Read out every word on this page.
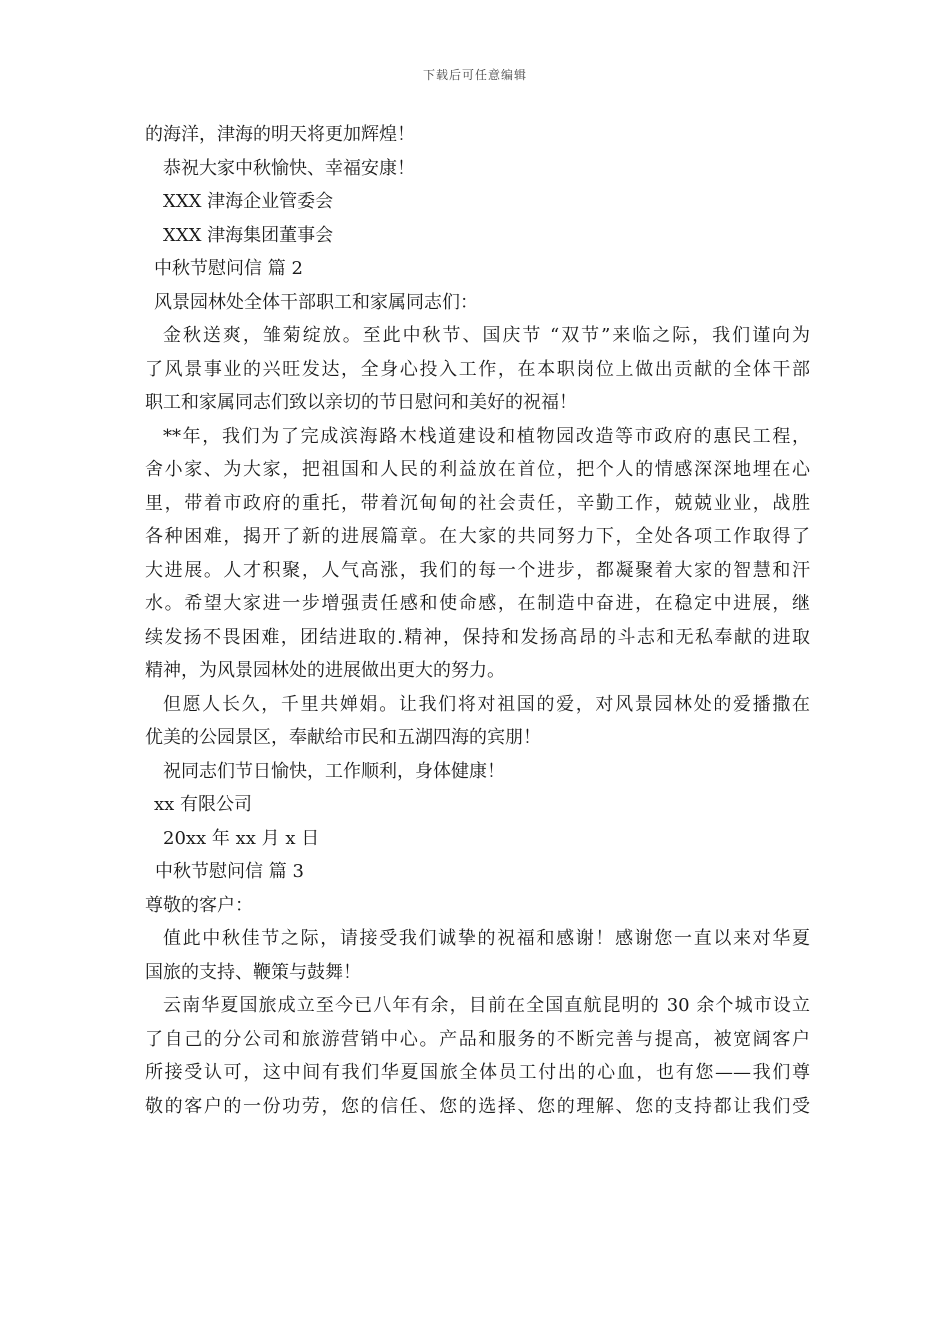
下载后可任意编辑
的海洋，津海的明天将更加辉煌！
恭祝大家中秋愉快、幸福安康！
XXX 津海企业管委会
XXX 津海集团董事会
中秋节慰问信 篇 2
风景园林处全体干部职工和家属同志们：
金秋送爽，雏菊绽放。至此中秋节、国庆节 “双节”来临之际，我们谨向为
了风景事业的兴旺发达，全身心投入工作，在本职岗位上做出贡献的全体干部
职工和家属同志们致以亲切的节日慰问和美好的祝福！
**年，我们为了完成滨海路木栈道建设和植物园改造等市政府的惠民工程，
舍小家、为大家，把祖国和人民的利益放在首位，把个人的情感深深地埋在心
里，带着市政府的重托，带着沉甸甸的社会责任，辛勤工作，兢兢业业，战胜
各种困难，揭开了新的进展篇章。在大家的共同努力下，全处各项工作取得了
大进展。人才积聚，人气高涨，我们的每一个进步，都凝聚着大家的智慧和汗
水。希望大家进一步增强责任感和使命感，在制造中奋进，在稳定中进展，继
续发扬不畏困难，团结进取的.精神，保持和发扬高昂的斗志和无私奉献的进取
精神，为风景园林处的进展做出更大的努力。
但愿人长久，千里共婵娟。让我们将对祖国的爱，对风景园林处的爱播撒在
优美的公园景区，奉献给市民和五湖四海的宾朋！
祝同志们节日愉快，工作顺利，身体健康！
xx 有限公司
20xx 年 xx 月 x 日
中秋节慰问信 篇 3
尊敬的客户：
值此中秋佳节之际，请接受我们诚挚的祝福和感谢！感谢您一直以来对华夏
国旅的支持、鞭策与鼓舞！
云南华夏国旅成立至今已八年有余，目前在全国直航昆明的 30 余个城市设立
了自己的分公司和旅游营销中心。产品和服务的不断完善与提高，被宽阔客户
所接受认可，这中间有我们华夏国旅全体员工付出的心血，也有您——我们尊
敬的客户的一份功劳，您的信任、您的选择、您的理解、您的支持都让我们受
